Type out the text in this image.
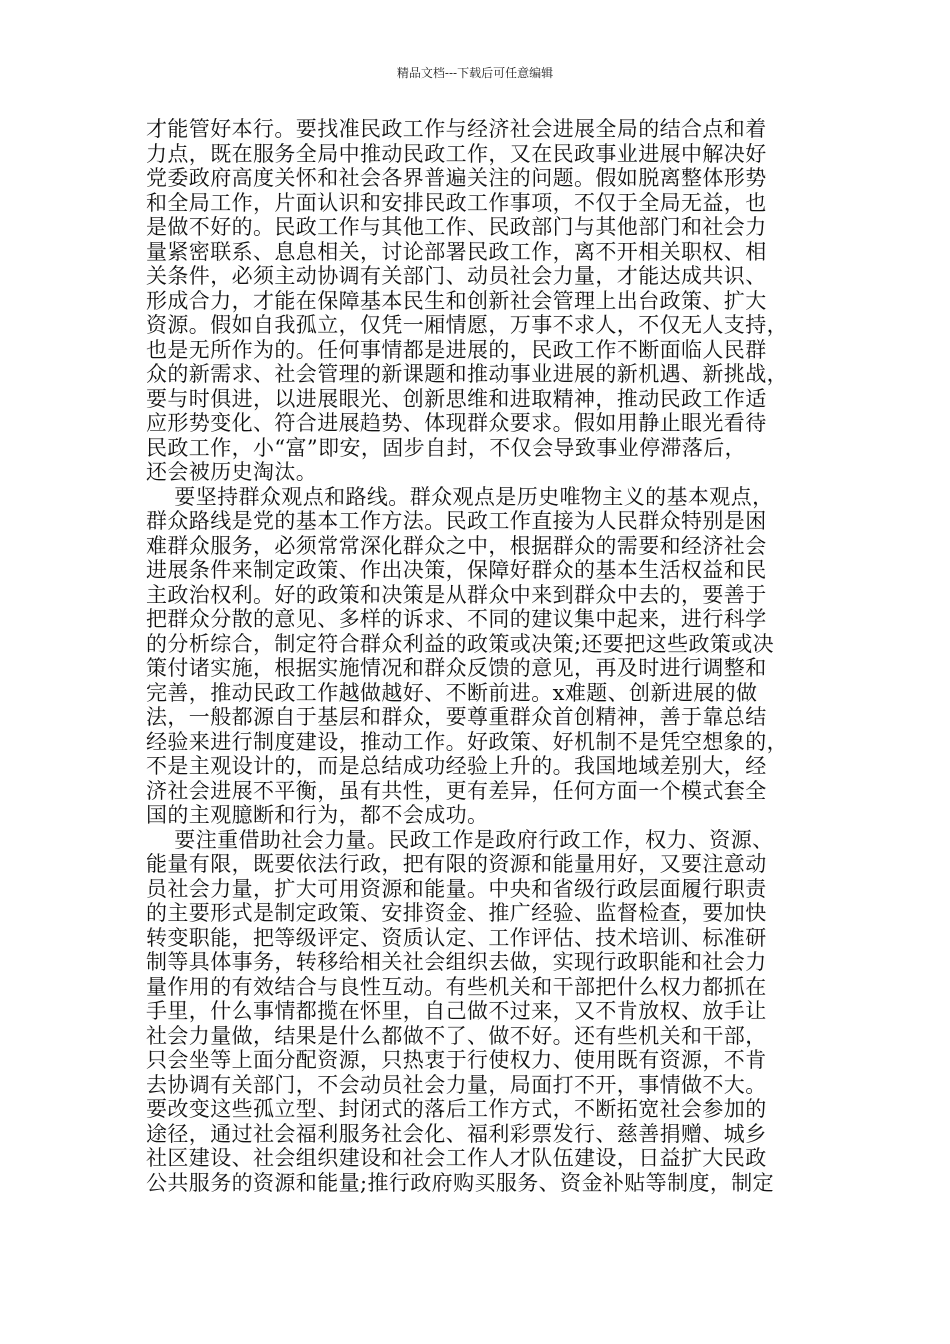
精品文档---下载后可任意编辑
才能管好本行。要找准民政工作与经济社会进展全局的结合点和着
力点，既在服务全局中推动民政工作，又在民政事业进展中解决好
党委政府高度关怀和社会各界普遍关注的问题。假如脱离整体形势
和全局工作，片面认识和安排民政工作事项，不仅于全局无益，也
是做不好的。民政工作与其他工作、民政部门与其他部门和社会力
量紧密联系、息息相关，讨论部署民政工作，离不开相关职权、相
关条件，必须主动协调有关部门、动员社会力量，才能达成共识、
形成合力，才能在保障基本民生和创新社会管理上出台政策、扩大
资源。假如自我孤立，仅凭一厢情愿，万事不求人，不仅无人支持，
也是无所作为的。任何事情都是进展的，民政工作不断面临人民群
众的新需求、社会管理的新课题和推动事业进展的新机遇、新挑战，
要与时俱进，以进展眼光、创新思维和进取精神，推动民政工作适
应形势变化、符合进展趋势、体现群众要求。假如用静止眼光看待
民政工作，小“富”即安，固步自封，不仅会导致事业停滞落后，
还会被历史淘汰。
要坚持群众观点和路线。群众观点是历史唯物主义的基本观点，
群众路线是党的基本工作方法。民政工作直接为人民群众特别是困
难群众服务，必须常常深化群众之中，根据群众的需要和经济社会
进展条件来制定政策、作出决策，保障好群众的基本生活权益和民
主政治权利。好的政策和决策是从群众中来到群众中去的，要善于
把群众分散的意见、多样的诉求、不同的建议集中起来，进行科学
的分析综合，制定符合群众利益的政策或决策;还要把这些政策或决
策付诸实施，根据实施情况和群众反馈的意见，再及时进行调整和
完善，推动民政工作越做越好、不断前进。x难题、创新进展的做
法，一般都源自于基层和群众，要尊重群众首创精神，善于靠总结
经验来进行制度建设，推动工作。好政策、好机制不是凭空想象的，
不是主观设计的，而是总结成功经验上升的。我国地域差别大，经
济社会进展不平衡，虽有共性，更有差异，任何方面一个模式套全
国的主观臆断和行为，都不会成功。
要注重借助社会力量。民政工作是政府行政工作，权力、资源、
能量有限，既要依法行政，把有限的资源和能量用好，又要注意动
员社会力量，扩大可用资源和能量。中央和省级行政层面履行职责
的主要形式是制定政策、安排资金、推广经验、监督检查，要加快
转变职能，把等级评定、资质认定、工作评估、技术培训、标准研
制等具体事务，转移给相关社会组织去做，实现行政职能和社会力
量作用的有效结合与良性互动。有些机关和干部把什么权力都抓在
手里，什么事情都揽在怀里，自己做不过来，又不肯放权、放手让
社会力量做，结果是什么都做不了、做不好。还有些机关和干部，
只会坐等上面分配资源，只热衷于行使权力、使用既有资源，不肯
去协调有关部门，不会动员社会力量，局面打不开，事情做不大。
要改变这些孤立型、封闭式的落后工作方式，不断拓宽社会参加的
途径，通过社会福利服务社会化、福利彩票发行、慈善捐赠、城乡
社区建设、社会组织建设和社会工作人才队伍建设，日益扩大民政
公共服务的资源和能量;推行政府购买服务、资金补贴等制度，制定
